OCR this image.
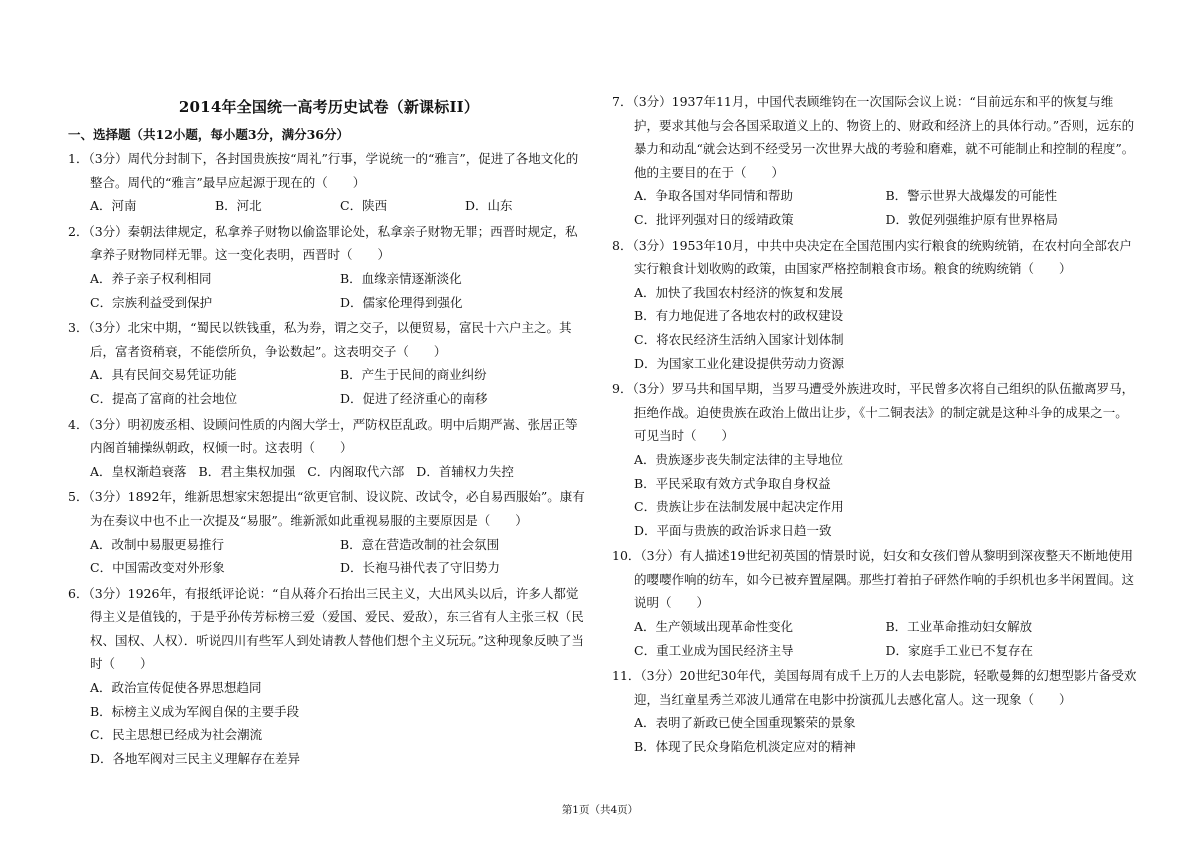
2014年全国统一高考历史试卷（新课标II）
一、选择题（共12小题，每小题3分，满分36分）
1．（3分）周代分封制下，各封国贵族按“周礼”行事，学说统一的“雅言”，促进了各地文化的整合。周代的“雅言”最早应起源于现在的（　　）
A．河南	B．河北	C．陕西	D．山东
2．（3分）秦朝法律规定，私拿养子财物以偷盗罪论处，私拿亲子财物无罪；西晋时规定，私拿养子财物同样无罪。这一变化表明，西晋时（　　）
A．养子亲子权利相同	B．血缘亲情逐渐淡化
C．宗族利益受到保护	D．儒家伦理得到强化
3．（3分）北宋中期，“蜀民以铁钱重，私为券，谓之交子，以便贸易，富民十六户主之。其后，富者资稍衰，不能偿所负，争讼数起”。这表明交子（　　）
A．具有民间交易凭证功能	B．产生于民间的商业纠纷
C．提高了富商的社会地位	D．促进了经济重心的南移
4．（3分）明初废丞相、设顾问性质的内阁大学士，严防权臣乱政。明中后期严嵩、张居正等内阁首辅操纵朝政，权倾一时。这表明（　　）
A．皇权渐趋衰落 B．君主集权加强 C．内阁取代六部 D．首辅权力失控
5．（3分）1892年，维新思想家宋恕提出“欲更官制、设议院、改试令，必自易西服始”。康有为在奏议中也不止一次提及“易服”。维新派如此重视易服的主要原因是（　　）
A．改制中易服更易推行	B．意在营造改制的社会氛围
C．中国需改变对外形象	D．长袍马褂代表了守旧势力
6．（3分）1926年，有报纸评论说：“自从蒋介石抬出三民主义，大出风头以后，许多人都觉得主义是值钱的，于是乎孙传芳标榜三爱（爱国、爱民、爱敌），东三省有人主张三权（民权、国权、人权）．听说四川有些军人到处请教人替他们想个主义玩玩。”这种现象反映了当时（　　）
A．政治宣传促使各界思想趋同
B．标榜主义成为军阀自保的主要手段
C．民主思想已经成为社会潮流
D．各地军阀对三民主义理解存在差异
7．（3分）1937年11月，中国代表顾维钧在一次国际会议上说：“目前远东和平的恢复与维护，要求其他与会各国采取道义上的、物资上的、财政和经济上的具体行动。”否则，远东的暴力和动乱“就会达到不经受另一次世界大战的考验和磨难，就不可能制止和控制的程度”。他的主要目的在于（　　）
A．争取各国对华同情和帮助	B．警示世界大战爆发的可能性
C．批评列强对日的绥靖政策	D．敦促列强维护原有世界格局
8．（3分）1953年10月，中共中央决定在全国范围内实行粮食的统购统销，在农村向全部农户实行粮食计划收购的政策，由国家严格控制粮食市场。粮食的统购统销（　　）
A．加快了我国农村经济的恢复和发展
B．有力地促进了各地农村的政权建设
C．将农民经济生活纳入国家计划体制
D．为国家工业化建设提供劳动力资源
9．（3分）罗马共和国早期，当罗马遭受外族进攻时，平民曾多次将自己组织的队伍撤离罗马，拒绝作战。迫使贵族在政治上做出让步，《十二铜表法》的制定就是这种斗争的成果之一。可见当时（　　）
A．贵族逐步丧失制定法律的主导地位
B．平民采取有效方式争取自身权益
C．贵族让步在法制发展中起决定作用
D．平面与贵族的政治诉求日趋一致
10．（3分）有人描述19世纪初英国的情景时说，妇女和女孩们曾从黎明到深夜整天不断地使用的嘤嘤作响的纺车，如今已被弃置屋隅。那些打着拍子砰然作响的手织机也多半闲置闾。这说明（　　）
A．生产领域出现革命性变化	B．工业革命推动妇女解放
C．重工业成为国民经济主导	D．家庭手工业已不复存在
11．（3分）20世纪30年代，美国每周有成千上万的人去电影院，轻歌曼舞的幻想型影片备受欢迎，当红童星秀兰邓波儿通常在电影中扮演孤儿去感化富人。这一现象（　　）
A．表明了新政已使全国重现繁荣的景象
B．体现了民众身陷危机淡定应对的精神
第1页（共4页）
